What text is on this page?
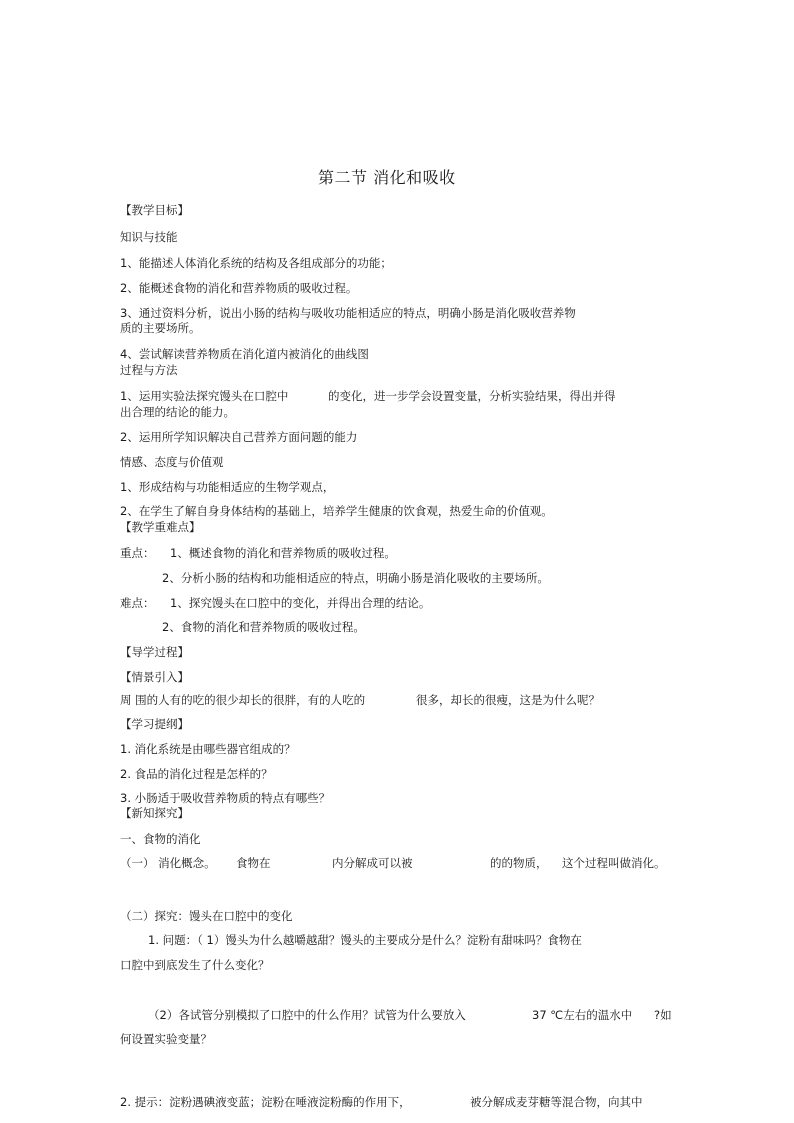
第二节 消化和吸收
【教学目标】
知识与技能
1、能描述人体消化系统的结构及各组成部分的功能；
2、能概述食物的消化和营养物质的吸收过程。
3、通过资料分析，说出小肠的结构与吸收功能相适应的特点，明确小肠是消化吸收营养物
质的主要场所。
4、尝试解读营养物质在消化道内被消化的曲线图
过程与方法
1、运用实验法探究馒头在口腔中	的变化，进一步学会设置变量，分析实验结果，得出并得
出合理的结论的能力。
2、运用所学知识解决自己营养方面问题的能力
情感、态度与价值观
1、形成结构与功能相适应的生物学观点，
2、在学生了解自身身体结构的基础上，培养学生健康的饮食观，热爱生命的价值观。
【教学重难点】
重点： 1、概述食物的消化和营养物质的吸收过程。
2、分析小肠的结构和功能相适应的特点，明确小肠是消化吸收的主要场所。
难点： 1、探究馒头在口腔中的变化，并得出合理的结论。
2、食物的消化和营养物质的吸收过程。
【导学过程】
【情景引入】
周 围的人有的吃的很少却长的很胖，有的人吃的	很多，却长的很瘦，这是为什么呢？
【学习提纲】
1. 消化系统是由哪些器官组成的？
2. 食品的消化过程是怎样的？
3. 小肠适于吸收营养物质的特点有哪些？
【新知探究】
一、食物的消化
（一） 消化概念。 食物在	内分解成可以被	的的物质， 这个过程叫做消化。
（二）探究：馒头在口腔中的变化
1. 问题：（ 1）馒头为什么越嚼越甜？馒头的主要成分是什么？淀粉有甜味吗？食物在
口腔中到底发生了什么变化？
（2）各试管分别模拟了口腔中的什么作用？试管为什么要放入	37 ℃左右的温水中 ?如
何设置实验变量？
2. 提示：淀粉遇碘液变蓝；淀粉在唾液淀粉酶的作用下，	被分解成麦芽糖等混合物，向其中
